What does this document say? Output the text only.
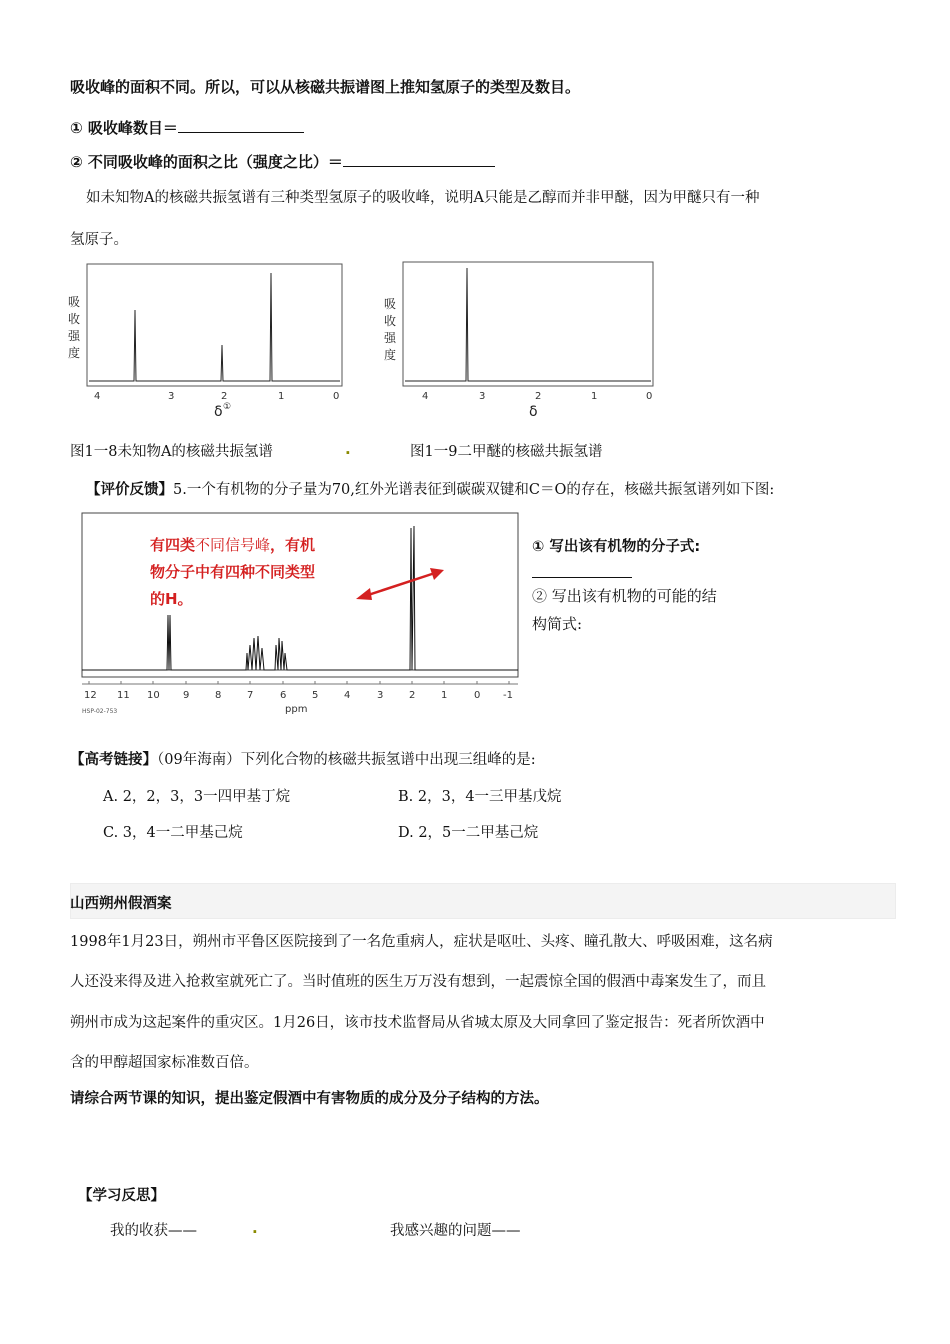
吸收峰的面积不同。所以，可以从核磁共振谱图上推知氢原子的类型及数目。
① 吸收峰数目＝
② 不同吸收峰的面积之比（强度之比）＝
如未知物A的核磁共振氢谱有三种类型氢原子的吸收峰，说明A只能是乙醇而并非甲醚，因为甲醚只有一种
氢原子。
吸
收
强
度
4	3	2	1	0
δ ①
吸
收
强
度
4	3	2	1	0
δ
图1一8未知物A的核磁共振氢谱	.	图1一9二甲醚的核磁共振氢谱
【评价反馈】5.一个有机物的分子量为70,红外光谱表征到碳碳双键和C＝O的存在，核磁共振氢谱列如下图:
12 11 10 9	8	7	6	5	4	3	2	1	0 -1
ppm
HSP-02-753
有四类不同信号峰，有机
物分子中有四种不同类型
的H。
① 写出该有机物的分子式:
② 写出该有机物的可能的结
构简式:
【高考链接】（09年海南）下列化合物的核磁共振氢谱中出现三组峰的是:
A. 2，2，3，3一四甲基丁烷	B. 2，3，4一三甲基戊烷
C. 3，4一二甲基己烷	D. 2，5一二甲基己烷
山西朔州假酒案
1998年1月23日，朔州市平鲁区医院接到了一名危重病人，症状是呕吐、头疼、瞳孔散大、呼吸困难，这名病
人还没来得及进入抢救室就死亡了。当时值班的医生万万没有想到，一起震惊全国的假酒中毒案发生了，而且
朔州市成为这起案件的重灾区。1月26日，该市技术监督局从省城太原及大同拿回了鉴定报告：死者所饮酒中
含的甲醇超国家标准数百倍。
请综合两节课的知识，提出鉴定假酒中有害物质的成分及分子结构的方法。
【学习反思】
我的收获——	.	我感兴趣的问题——
